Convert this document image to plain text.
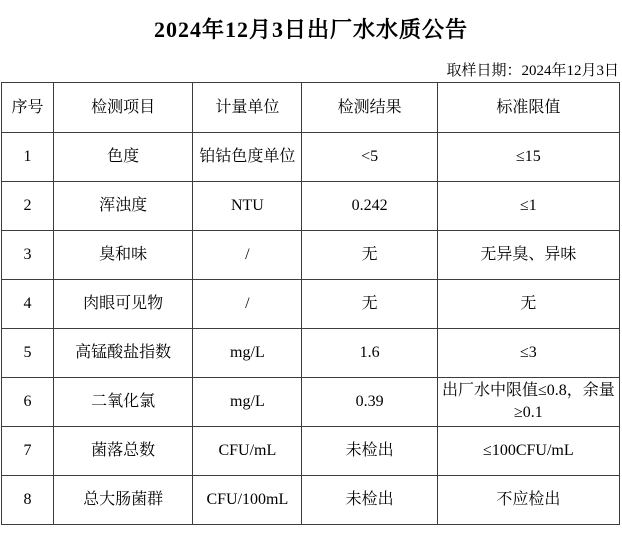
2024年12月3日出厂水水质公告
取样日期：2024年12月3日
序号	检测项目	计量单位	检测结果	标准限值
1	色度	铂钴色度单位	<5	≤15
2	浑浊度	NTU	0.242	≤1
3	臭和味	/	无	无异臭、异味
4	肉眼可见物	/	无	无
5	高锰酸盐指数	mg/L	1.6	≤3
6	二氧化氯	mg/L	0.39	出厂水中限值≤0.8，余量≥0.1
7	菌落总数	CFU/mL	未检出	≤100CFU/mL
8	总大肠菌群	CFU/100mL	未检出	不应检出
